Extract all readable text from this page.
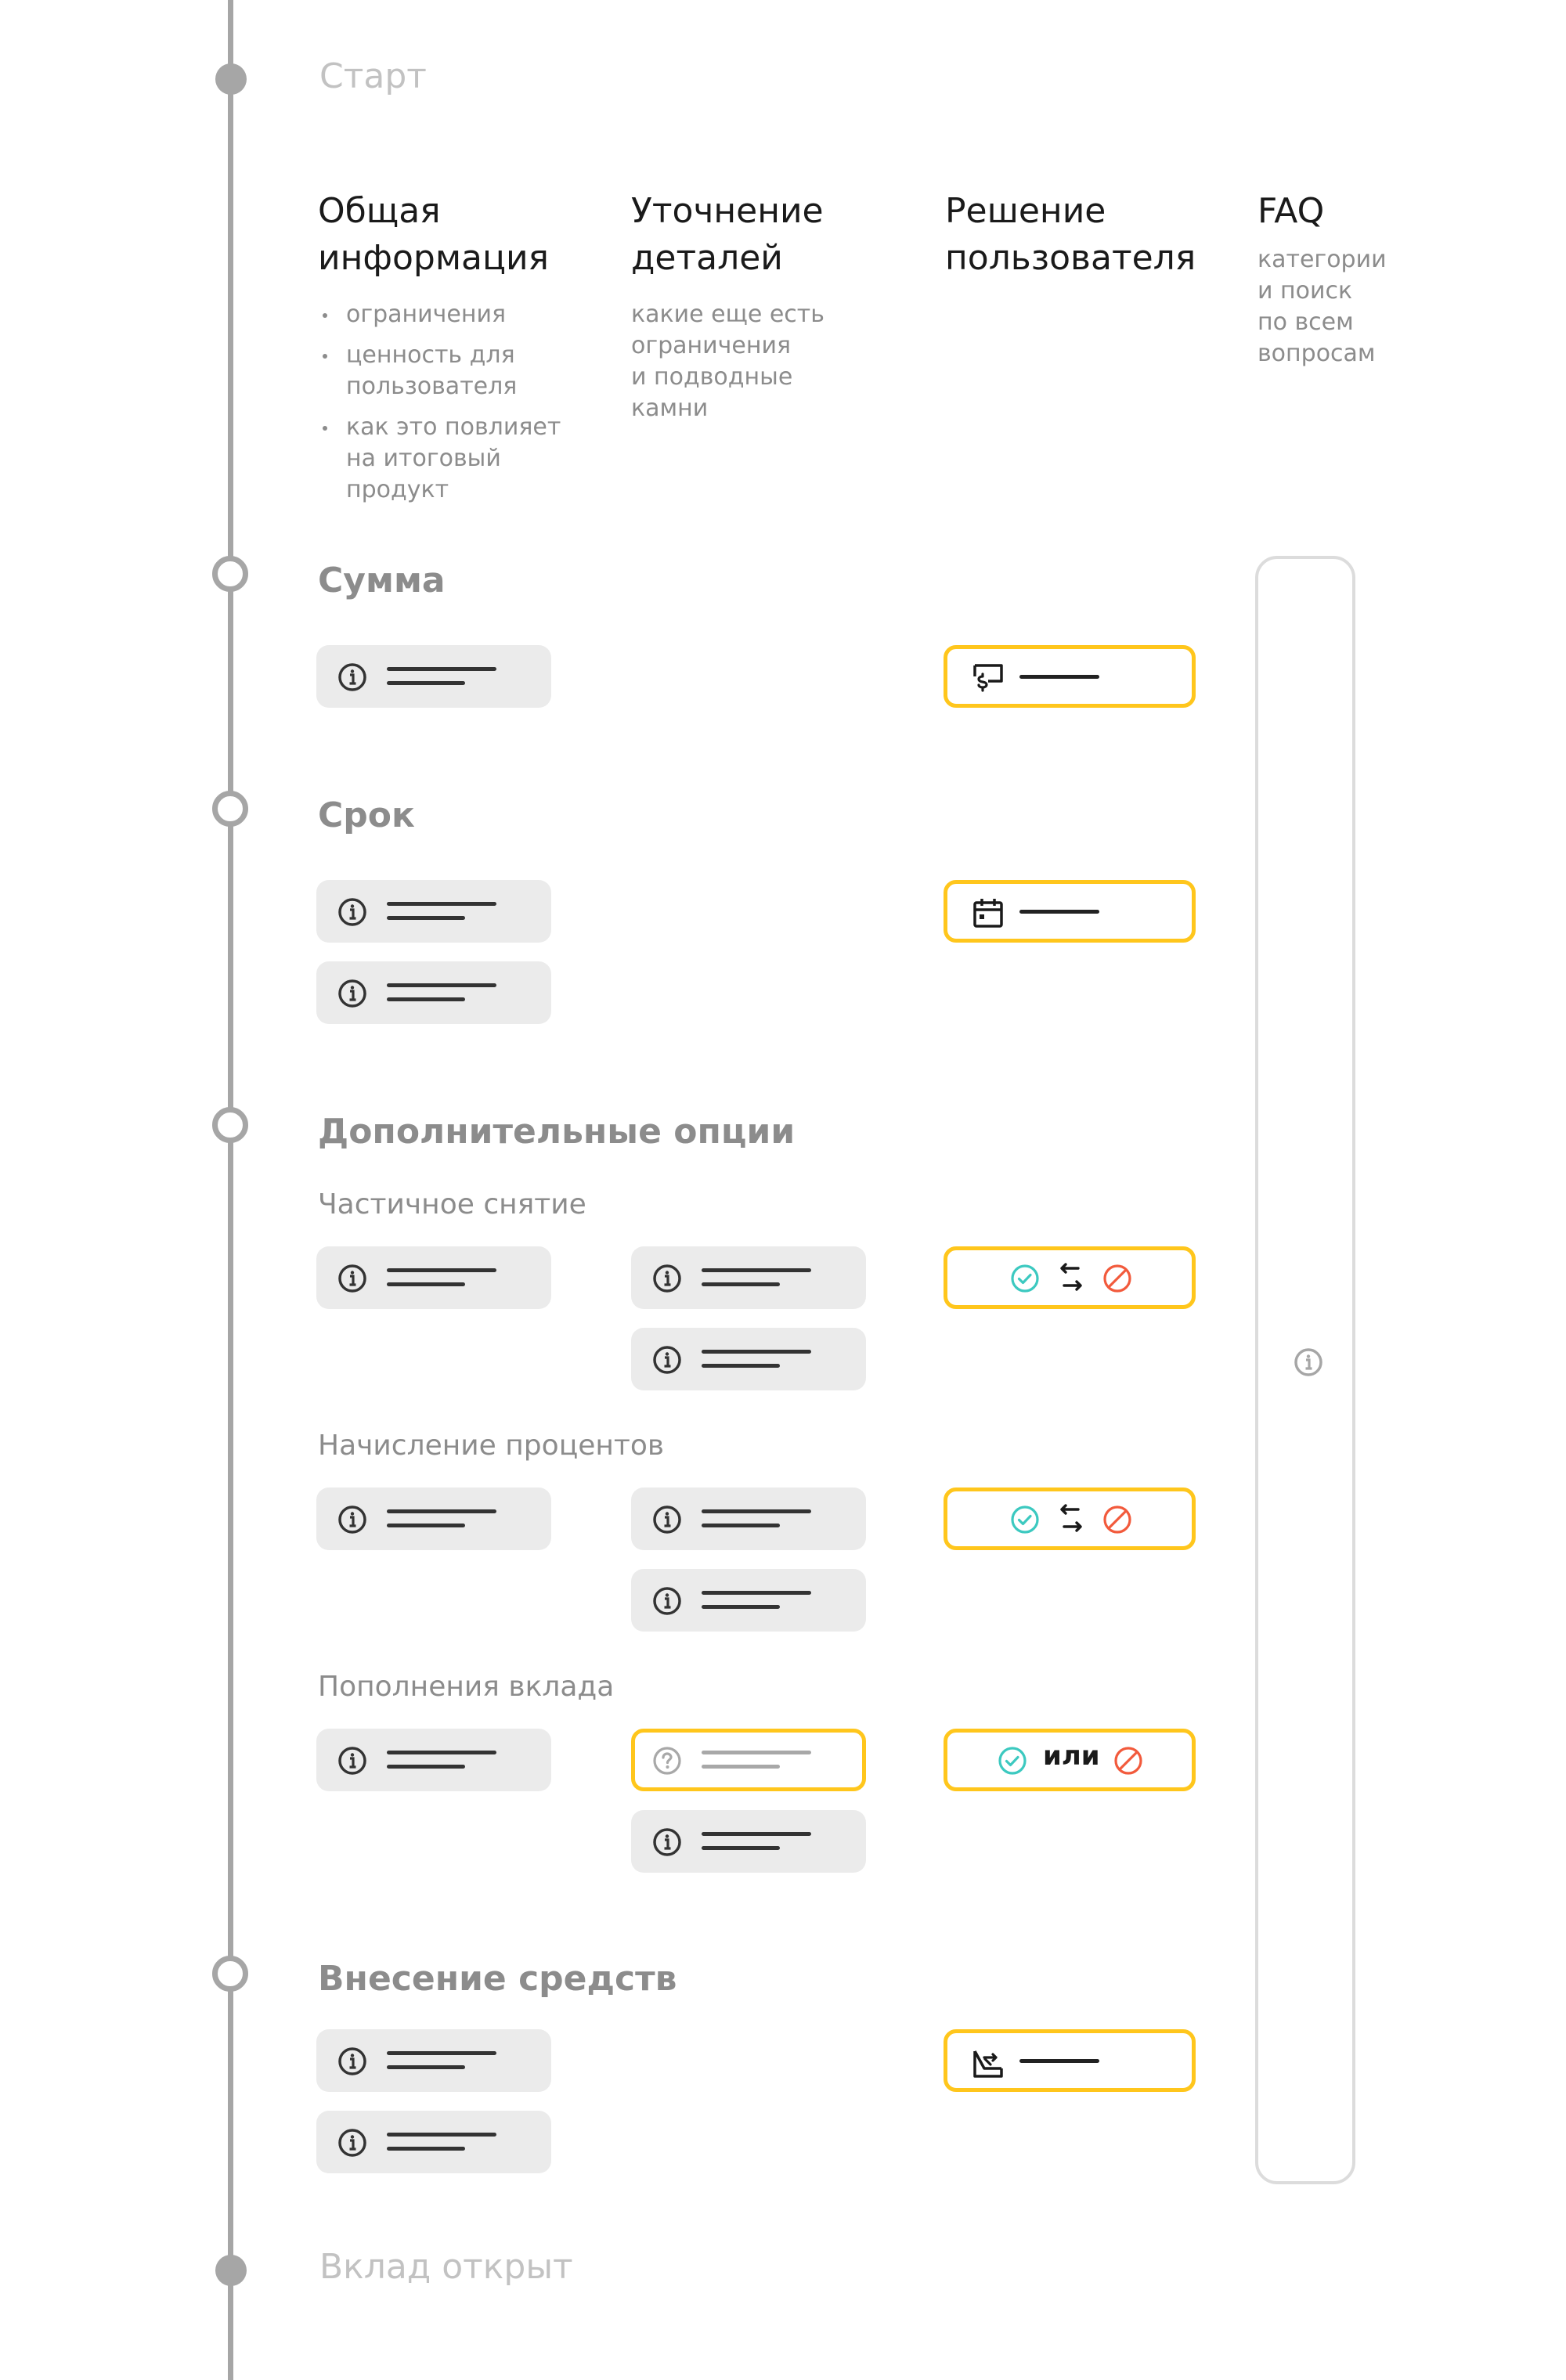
Старт
Общая
информация
ограничения
ценность для
пользователя
как это повлияет
на итоговый
продукт
Уточнение
деталей
какие еще есть
ограничения
и подводные
камни
Решение
пользователя
FAQ
категории
и поиск
по всем
вопросам
Сумма
Срок
Дополнительные опции
Частичное снятие
Начисление процентов
Пополнения вклада
или
Внесение средств
Вклад открыт
